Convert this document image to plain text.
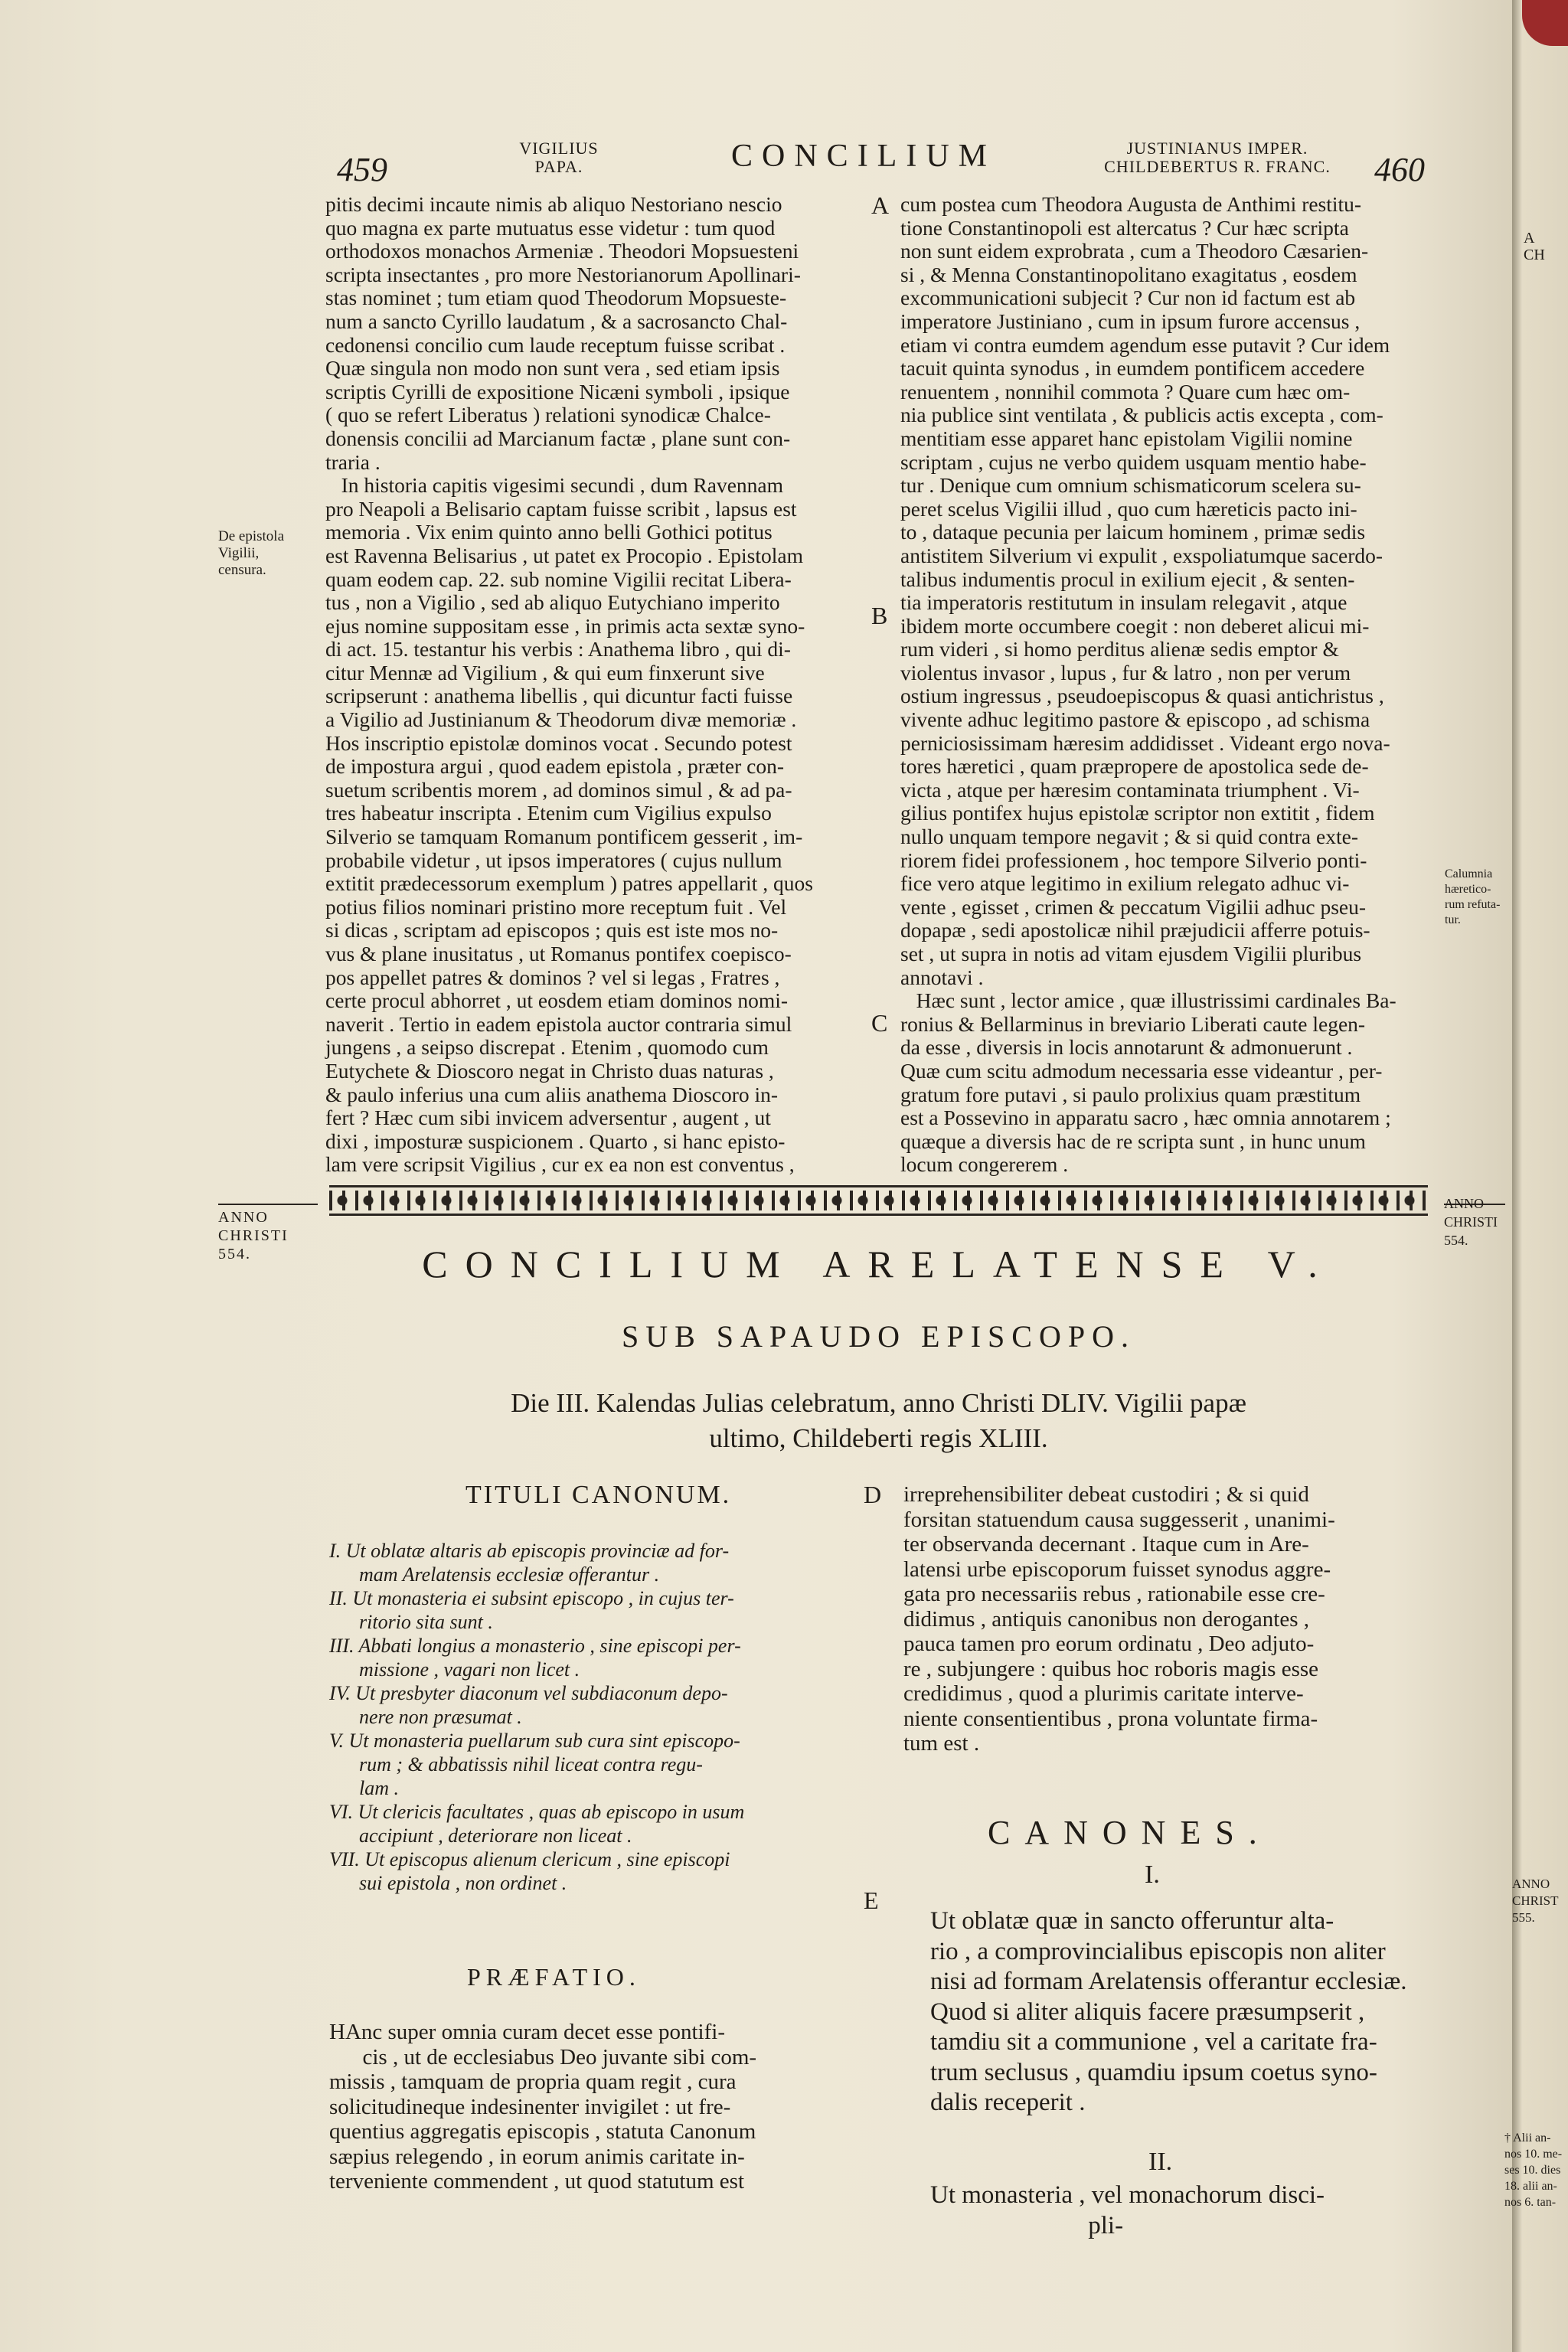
459
VIGILIUS
PAPA.	CONCILIUM	JUSTINIANUS IMPER.
CHILDEBERTUS R. FRANC.	460
pitis decimi incaute nimis ab aliquo Nestoriano nescio
quo magna ex parte mutuatus esse videtur : tum quod
orthodoxos monachos Armeniæ . Theodori Mopsuesteni
scripta insectantes , pro more Nestorianorum Apollinari-
stas nominet ; tum etiam quod Theodorum Mopsueste-
num a sancto Cyrillo laudatum , & a sacrosancto Chal-
cedonensi concilio cum laude receptum fuisse scribat .
Quæ singula non modo non sunt vera , sed etiam ipsis
scriptis Cyrilli de expositione Nicæni symboli , ipsique
( quo se refert Liberatus ) relationi synodicæ Chalce-
donensis concilii ad Marcianum factæ , plane sunt con-
traria .
In historia capitis vigesimi secundi , dum Ravennam
pro Neapoli a Belisario captam fuisse scribit , lapsus est
memoria . Vix enim quinto anno belli Gothici potitus
est Ravenna Belisarius , ut patet ex Procopio . Epistolam
quam eodem cap. 22. sub nomine Vigilii recitat Libera-
tus , non a Vigilio , sed ab aliquo Eutychiano imperito
ejus nomine suppositam esse , in primis acta sextæ syno-
di act. 15. testantur his verbis : Anathema libro , qui di-
citur Mennæ ad Vigilium , & qui eum finxerunt sive
scripserunt : anathema libellis , qui dicuntur facti fuisse
a Vigilio ad Justinianum & Theodorum divæ memoriæ .
Hos inscriptio epistolæ dominos vocat . Secundo potest
de impostura argui , quod eadem epistola , præter con-
suetum scribentis morem , ad dominos simul , & ad pa-
tres habeatur inscripta . Etenim cum Vigilius expulso
Silverio se tamquam Romanum pontificem gesserit , im-
probabile videtur , ut ipsos imperatores ( cujus nullum
extitit prædecessorum exemplum ) patres appellarit , quos
potius filios nominari pristino more receptum fuit . Vel
si dicas , scriptam ad episcopos ; quis est iste mos no-
vus & plane inusitatus , ut Romanus pontifex coepisco-
pos appellet patres & dominos ? vel si legas , Fratres ,
certe procul abhorret , ut eosdem etiam dominos nomi-
naverit . Tertio in eadem epistola auctor contraria simul
jungens , a seipso discrepat . Etenim , quomodo cum
Eutychete & Dioscoro negat in Christo duas naturas ,
& paulo inferius una cum aliis anathema Dioscoro in-
fert ? Hæc cum sibi invicem adversentur , augent , ut
dixi , imposturæ suspicionem . Quarto , si hanc episto-
lam vere scripsit Vigilius , cur ex ea non est conventus ,
cum postea cum Theodora Augusta de Anthimi restitu-
tione Constantinopoli est altercatus ? Cur hæc scripta
non sunt eidem exprobrata , cum a Theodoro Cæsarien-
si , & Menna Constantinopolitano exagitatus , eosdem
excommunicationi subjecit ? Cur non id factum est ab
imperatore Justiniano , cum in ipsum furore accensus ,
etiam vi contra eumdem agendum esse putavit ? Cur idem
tacuit quinta synodus , in eumdem pontificem accedere
renuentem , nonnihil commota ? Quare cum hæc om-
nia publice sint ventilata , & publicis actis excepta , com-
mentitiam esse apparet hanc epistolam Vigilii nomine
scriptam , cujus ne verbo quidem usquam mentio habe-
tur . Denique cum omnium schismaticorum scelera su-
peret scelus Vigilii illud , quo cum hæreticis pacto ini-
to , dataque pecunia per laicum hominem , primæ sedis
antistitem Silverium vi expulit , exspoliatumque sacerdo-
talibus indumentis procul in exilium ejecit , & senten-
tia imperatoris restitutum in insulam relegavit , atque
ibidem morte occumbere coegit : non deberet alicui mi-
rum videri , si homo perditus alienæ sedis emptor &
violentus invasor , lupus , fur & latro , non per verum
ostium ingressus , pseudoepiscopus & quasi antichristus ,
vivente adhuc legitimo pastore & episcopo , ad schisma
perniciosissimam hæresim addidisset . Videant ergo nova-
tores hæretici , quam præpropere de apostolica sede de-
victa , atque per hæresim contaminata triumphent . Vi-
gilius pontifex hujus epistolæ scriptor non extitit , fidem
nullo unquam tempore negavit ; & si quid contra exte-
riorem fidei professionem , hoc tempore Silverio ponti-
fice vero atque legitimo in exilium relegato adhuc vi-
vente , egisset , crimen & peccatum Vigilii adhuc pseu-
dopapæ , sedi apostolicæ nihil præjudicii afferre potuis-
set , ut supra in notis ad vitam ejusdem Vigilii pluribus
annotavi .
Hæc sunt , lector amice , quæ illustrissimi cardinales Ba-
ronius & Bellarminus in breviario Liberati caute legen-
da esse , diversis in locis annotarunt & admonuerunt .
Quæ cum scitu admodum necessaria esse videantur , per-
gratum fore putavi , si paulo prolixius quam præstitum
est a Possevino in apparatu sacro , hæc omnia annotarem ;
quæque a diversis hac de re scripta sunt , in hunc unum
locum congererem .
A
B
C
D
E
De epistola
Vigilii,
censura.
Calumnia
hæretico-
rum refuta-
tur.
A
CH
ANNO
CHRIST
555.
† Alii an-
nos 10. me-
ses 10. dies
18. alii an-
nos 6. tan-
ANNO
CHRISTI
554.
ANNO
CHRISTI
554.
CONCILIUM ARELATENSE V.
SUB SAPAUDO EPISCOPO.
Die III. Kalendas Julias celebratum, anno Christi DLIV. Vigilii papæ
ultimo, Childeberti regis XLIII.
TITULI CANONUM.
I. Ut oblatæ altaris ab episcopis provinciæ ad for-
mam Arelatensis ecclesiæ offerantur .
II. Ut monasteria ei subsint episcopo , in cujus ter-
ritorio sita sunt .
III. Abbati longius a monasterio , sine episcopi per-
missione , vagari non licet .
IV. Ut presbyter diaconum vel subdiaconum depo-
nere non præsumat .
V. Ut monasteria puellarum sub cura sint episcopo-
rum ; & abbatissis nihil liceat contra regu-
lam .
VI. Ut clericis facultates , quas ab episcopo in usum
accipiunt , deteriorare non liceat .
VII. Ut episcopus alienum clericum , sine episcopi
sui epistola , non ordinet .
PRÆFATIO.
HAnc super omnia curam decet esse pontifi-
cis , ut de ecclesiabus Deo juvante sibi com-
missis , tamquam de propria quam regit , cura
solicitudineque indesinenter invigilet : ut fre-
quentius aggregatis episcopis , statuta Canonum
sæpius relegendo , in eorum animis caritate in-
terveniente commendent , ut quod statutum est
irreprehensibiliter debeat custodiri ; & si quid
forsitan statuendum causa suggesserit , unanimi-
ter observanda decernant . Itaque cum in Are-
latensi urbe episcoporum fuisset synodus aggre-
gata pro necessariis rebus , rationabile esse cre-
didimus , antiquis canonibus non derogantes ,
pauca tamen pro eorum ordinatu , Deo adjuto-
re , subjungere : quibus hoc roboris magis esse
credidimus , quod a plurimis caritate interve-
niente consentientibus , prona voluntate firma-
tum est .
CANONES.
I.
Ut oblatæ quæ in sancto offeruntur alta-
rio , a comprovincialibus episcopis non aliter
nisi ad formam Arelatensis offerantur ecclesiæ.
Quod si aliter aliquis facere præsumpserit ,
tamdiu sit a communione , vel a caritate fra-
trum seclusus , quamdiu ipsum coetus syno-
dalis receperit .
II.
Ut monasteria , vel monachorum disci-
pli-
